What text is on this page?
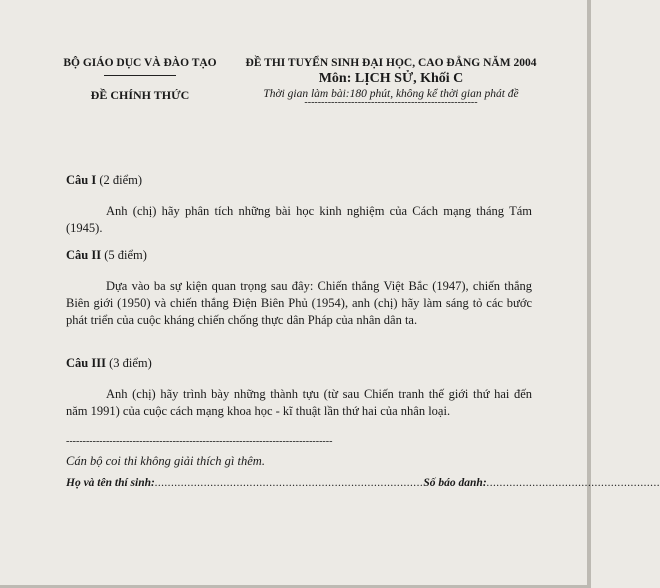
BỘ GIÁO DỤC VÀ ĐÀO TẠO
ĐỀ CHÍNH THỨC
ĐỀ THI TUYỂN SINH ĐẠI HỌC, CAO ĐẲNG NĂM 2004
Môn: LỊCH SỬ, Khối C
Thời gian làm bài:180 phút, không kể thời gian phát đề
----------------------------------------------------
Câu I (2 điểm)
Anh (chị) hãy phân tích những bài học kinh nghiệm của Cách mạng tháng Tám (1945).
Câu II (5 điểm)
Dựa vào ba sự kiện quan trọng sau đây: Chiến thắng Việt Bắc (1947), chiến thắng Biên giới (1950) và chiến thắng Điện Biên Phủ (1954), anh (chị) hãy làm sáng tỏ các bước phát triển của cuộc kháng chiến chống thực dân Pháp của nhân dân ta.
Câu III (3 điểm)
Anh (chị) hãy trình bày những thành tựu (từ sau Chiến tranh thế giới thứ hai đến năm 1991) của cuộc cách mạng khoa học - kĩ thuật lần thứ hai của nhân loại.
--------------------------------------------------------------------------------
Cán bộ coi thi không giải thích gì thêm.
Họ và tên thí sinh:..................................................................................Số báo danh:.....................................................
